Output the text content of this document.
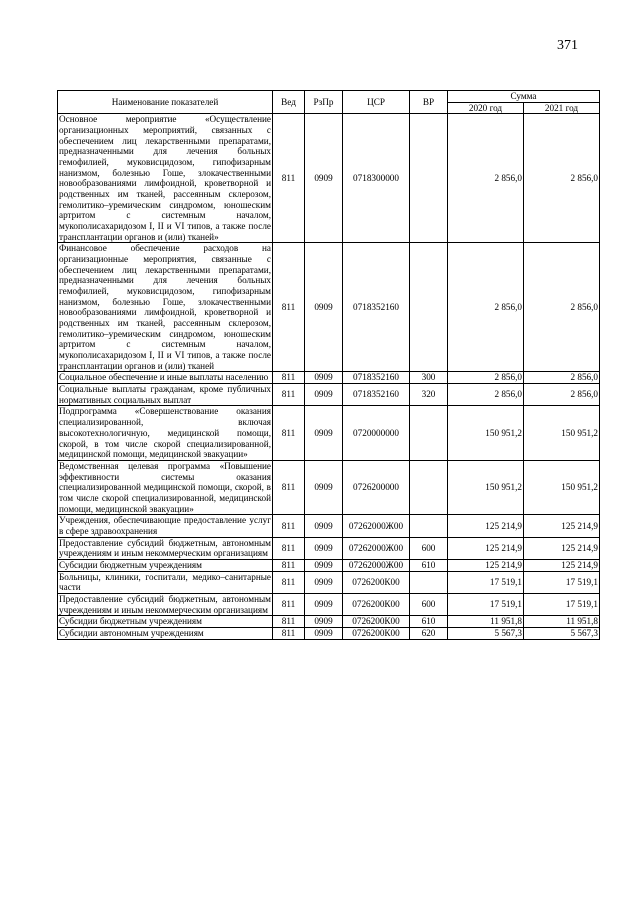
371
Наименование показателей	Вед	РзПр	ЦСР	ВР	Сумма	
					2020 год	2021 год
Основное мероприятие «Осуществление организационных мероприятий, связанных с обеспечением лиц лекарственными препаратами, предназначенными для лечения больных гемофилией, муковисцидозом, гипофизарным нанизмом, болезнью Гоше, злокачественными новообразованиями лимфоидной, кроветворной и родственных им тканей, рассеянным склерозом, гемолитико–уремическим синдромом, юношеским артритом с системным началом, мукополисахаридозом I, II и VI типов, а также после трансплантации органов и (или) тканей»	811	0909	0718300000		2 856,0	2 856,0
Финансовое обеспечение расходов на организационные мероприятия, связанные с обеспечением лиц лекарственными препаратами, предназначенными для лечения больных гемофилией, муковисцидозом, гипофизарным нанизмом, болезнью Гоше, злокачественными новообразованиями лимфоидной, кроветворной и родственных им тканей, рассеянным склерозом, гемолитико–уремическим синдромом, юношеским артритом с системным началом, мукополисахаридозом I, II и VI типов, а также после трансплантации органов и (или) тканей	811	0909	0718352160		2 856,0	2 856,0
Социальное обеспечение и иные выплаты населению	811	0909	0718352160	300	2 856,0	2 856,0
Социальные выплаты гражданам, кроме публичных нормативных социальных выплат	811	0909	0718352160	320	2 856,0	2 856,0
Подпрограмма «Совершенствование оказания специализированной, включая высокотехнологичную, медицинской помощи, скорой, в том числе скорой специализированной, медицинской помощи, медицинской эвакуации»	811	0909	0720000000		150 951,2	150 951,2
Ведомственная целевая программа «Повышение эффективности системы оказания специализированной медицинской помощи, скорой, в том числе скорой специализированной, медицинской помощи, медицинской эвакуации»	811	0909	0726200000		150 951,2	150 951,2
Учреждения, обеспечивающие предоставление услуг в сфере здравоохранения	811	0909	07262000Ж00		125 214,9	125 214,9
Предоставление субсидий бюджетным, автономным учреждениям и иным некоммерческим организациям	811	0909	07262000Ж00	600	125 214,9	125 214,9
Субсидии бюджетным учреждениям	811	0909	07262000Ж00	610	125 214,9	125 214,9
Больницы, клиники, госпитали, медико–санитарные части	811	0909	0726200К00		17 519,1	17 519,1
Предоставление субсидий бюджетным, автономным учреждениям и иным некоммерческим организациям	811	0909	0726200К00	600	17 519,1	17 519,1
Субсидии бюджетным учреждениям	811	0909	0726200К00	610	11 951,8	11 951,8
Субсидии автономным учреждениям	811	0909	0726200К00	620	5 567,3	5 567,3
